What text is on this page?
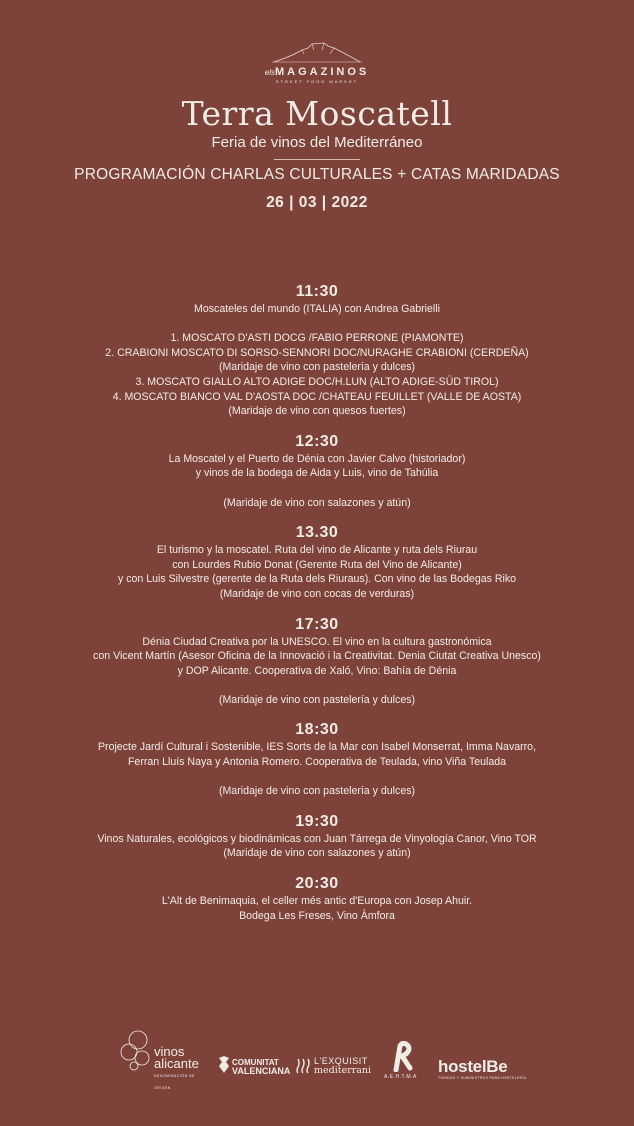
elsMAGAZINOS
STREET FOOD MARKET
Terra Moscatell
Feria de vinos del Mediterráneo
PROGRAMACIÓN CHARLAS CULTURALES + CATAS MARIDADAS
26 | 03 | 2022
11:30
Moscateles del mundo (ITALIA) con Andrea Gabrielli
1. MOSCATO D'ASTI DOCG /FABIO PERRONE (PIAMONTE)
2. CRABIONI MOSCATO DI SORSO-SENNORI DOC/NURAGHE CRABIONI (CERDEÑA)
(Maridaje de vino con pastelería y dulces)
3. MOSCATO GIALLO ALTO ADIGE DOC/H.LUN (ALTO ADIGE-SÜD TIROL)
4. MOSCATO BIANCO VAL D'AOSTA DOC /CHATEAU FEUILLET (VALLE DE AOSTA)
(Maridaje de vino con quesos fuertes)
12:30
La Moscatel y el Puerto de Dénia con Javier Calvo (historiador)
y vinos de la bodega de Aida y Luis, vino de Tahúlia
(Maridaje de vino con salazones y atún)
13.30
El turismo y la moscatel. Ruta del vino de Alicante y ruta dels Riurau
con Lourdes Rubio Donat (Gerente Ruta del Vino de Alicante)
y con Luis Silvestre (gerente de la Ruta dels Riuraus). Con vino de las Bodegas Riko
(Maridaje de vino con cocas de verduras)
17:30
Dénia Ciudad Creativa por la UNESCO. El vino en la cultura gastronómica
con Vicent Martín (Asesor Oficina de la Innovació i la Creativitat. Denia Ciutat Creativa Unesco)
y DOP Alicante. Cooperativa de Xaló, Vino: Bahía de Dénia
(Maridaje de vino con pastelería y dulces)
18:30
Projecte Jardí Cultural i Sostenible, IES Sorts de la Mar con Isabel Monserrat, Imma Navarro,
Ferran Lluís Naya y Antonia Romero. Cooperativa de Teulada, vino Viña Teulada
(Maridaje de vino con pastelería y dulces)
19:30
Vinos Naturales, ecológicos y biodinámicas con Juan Tárrega de Vinyología Canor, Vino TOR
(Maridaje de vino con salazones y atún)
20:30
L'Alt de Benimaquia, el celler més antic d'Europa con Josep Ahuir.
Bodega Les Freses, Vino Àmfora
vinos
alicante
DENOMINACIÓN DE ORIGEN
COMUNITAT
VALENCIANA
L'EXQUISIT
mediterrani
A.E.H.T.M.A
hostelBe
TIENDAS Y SUMINISTROS PARA HOSTELERÍA
